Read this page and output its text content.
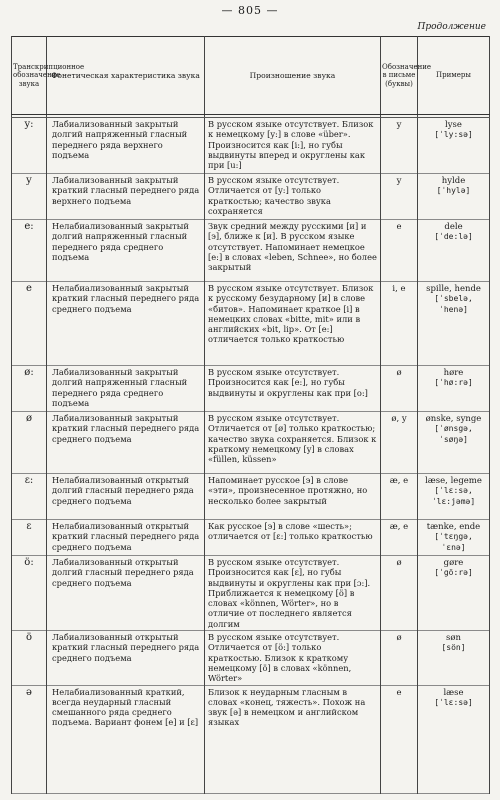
— 805 —
Продолжение
Транскрипционное обозначение звука	Фонетическая характеристика звука	Произношение звука	Обозначение в письме (буквы)	Примеры

y:	Лабиализованный закрытый долгий напряженный гласный переднего ряда верхнего подъема	В русском языке отсутствует. Близок к немецкому [y:] в слове «über». Произносится как [i:], но губы выдвинуты вперед и округлены как при [u:]	y	lyse
[ˈly:sə]

y	Лабиализованный закрытый краткий гласный переднего ряда верхнего подъема	В русском языке отсутствует. Отличается от [y:] только краткостью; качество звука сохраняется	y	hylde
[ˈhylə]

e:	Нелабиализованный закрытый долгий напряженный гласный переднего ряда среднего подъема	Звук средний между русскими [и] и [э], ближе к [и]. В русском языке отсутствует. Напоминает немецкое [e:] в словах «leben, Schnee», но более закрытый	e	dele
[ˈde:lə]

e	Нелабиализованный закрытый краткий гласный переднего ряда среднего подъема	В русском языке отсутствует. Близок к русскому безударному [и] в слове «битов». Напоминает краткое [i] в немецких словах «bitte, mit» или в английских «bit, lip». От [e:] отличается только краткостью	i, e	spille, hende
[ˈsbelə, ˈhenə]

ø:	Лабиализованный закрытый долгий напряженный гласный переднего ряда среднего подъема	В русском языке отсутствует. Произносится как [e:], но губы выдвинуты и округлены как при [o:]	ø	høre
[ˈhø:rə]

ø	Лабиализованный закрытый краткий гласный переднего ряда среднего подъема	В русском языке отсутствует. Отличается от [ø] только краткостью; качество звука сохраняется. Близок к краткому немецкому [y] в словах «füllen, küssen»	ø, y	ønske, synge
[ˈønsgə, ˈsøŋə]

ɛ:	Нелабиализованный открытый долгий гласный переднего ряда среднего подъема	Напоминает русское [э] в слове «эти», произнесенное протяжно, но несколько более закрытый	æ, e	læse, legeme
[ˈlɛ:sə, ˈlɛ:jəmə]

ɛ	Нелабиализованный открытый краткий гласный переднего ряда среднего подъема	Как русское [э] в слове «шесть»; отличается от [ɛ:] только краткостью	æ, e	tænke, ende
[ˈtɛŋgə, ˈɛnə]

ö:	Лабиализованный открытый долгий гласный переднего ряда среднего подъема	В русском языке отсутствует. Произносится как [ɛ], но губы выдвинуты и округлены как при [ɔ:]. Приближается к немецкому [ö] в словах «können, Wörter», но в отличие от последнего является долгим	ø	gøre
[ˈgö:rə]

ö	Лабиализованный открытый краткий гласный переднего ряда среднего подъема	В русском языке отсутствует. Отличается от [ö:] только краткостью. Близок к краткому немецкому [ö] в словах «können, Wörter»	ø	søn
[sön]

ə	Нелабиализованный краткий, всегда неударный гласный смешанного ряда среднего подъема. Вариант фонем [e] и [ɛ]	Близок к неударным гласным в словах «конец, тяжесть». Похож на звук [ə] в немецком и английском языках	e	læse
[ˈlɛ:sə]
